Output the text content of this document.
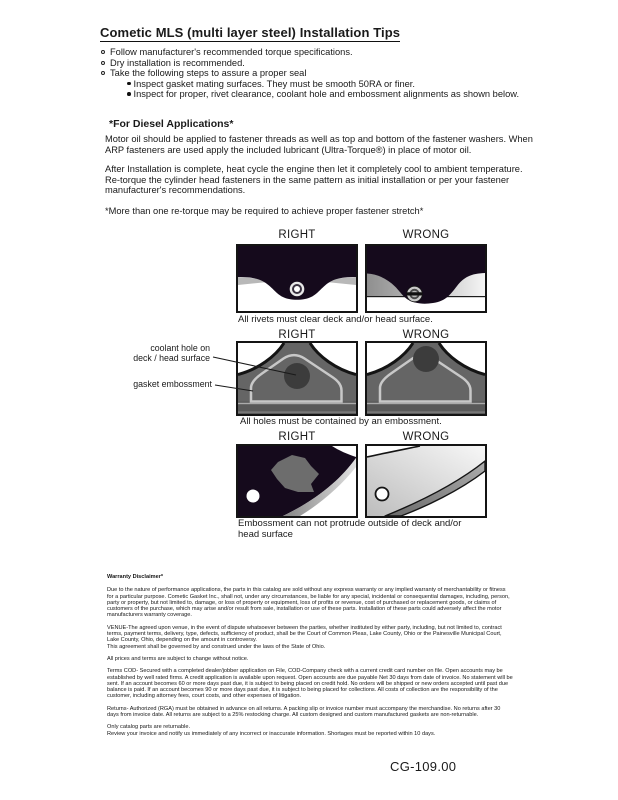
Cometic MLS (multi layer steel) Installation Tips
Follow manufacturer's recommended torque specifications.
Dry installation is recommended.
Take the following steps to assure a proper seal
Inspect gasket mating surfaces. They must be smooth 50RA or finer.
Inspect for proper, rivet clearance, coolant hole and embossment alignments as shown below.
*For Diesel Applications*
Motor oil should be applied to fastener threads as well as top and bottom of the fastener washers. When ARP fasteners are used apply the included lubricant (Ultra-Torque®) in place of motor oil.
After Installation is complete, heat cycle the engine then let it completely cool to ambient temperature. Re-torque the cylinder head fasteners in the same pattern as initial installation or per your fastener manufacturer's recommendations.
*More than one re-torque may be required to achieve proper fastener stretch*
RIGHT	WRONG
All rivets must clear deck and/or head surface.
RIGHT	WRONG
coolant hole on
deck / head surface
gasket embossment
All holes must be contained by an embossment.
RIGHT	WRONG
Embossment can not protrude outside of deck and/or head surface
Warranty Disclaimer*

Due to the nature of performance applications, the parts in this catalog are sold without any express warranty or any implied warranty of merchantability or fitness for a particular purpose. Cometic Gasket Inc., shall not, under any circumstances, be liable for any special, incidental or consequential damages, including, person, party or property, but not limited to, damage, or loss of property or equipment, loss of profits or revenue, cost of purchased or replacement goods, or claims of customers of the purchase, which may arise and/or result from sale, installation or use of these parts. Installation of these parts could adversely affect the motor manufacturers warranty coverage.

VENUE-The agreed upon venue, in the event of dispute whatsoever between the parties, whether instituted by either party, including, but not limited to, contract terms, payment terms, delivery, type, defects, sufficiency of product, shall be the Court of Common Pleas, Lake County, Ohio or the Painesville Municipal Court, Lake County, Ohio, depending on the amount in controversy.
This agreement shall be governed by and construed under the laws of the State of Ohio.

All prices and terms are subject to change without notice.

Terms COD- Secured with a completed dealer/jobber application on File, COD-Company check with a current credit card number on file. Open accounts may be established by well rated firms. A credit application is available upon request. Open accounts are due payable Net 30 days from date of invoice. No statement will be sent. If an account becomes 60 or more days past due, it is subject to being placed on credit hold. No orders will be shipped or new orders accepted until past due balance is paid. If an account becomes 90 or more days past due, it is subject to being placed for collections. All costs of collection are the responsibility of the customer, including attorney fees, court costs, and other expenses of litigation.

Returns- Authorized (RGA) must be obtained in advance on all returns. A packing slip or invoice number must accompany the merchandise. No returns after 30 days from invoice date. All returns are subject to a 25% restocking charge. All custom designed and custom manufactured gaskets are non-returnable.

Only catalog parts are returnable.
Review your invoice and notify us immediately of any incorrect or inaccurate information. Shortages must be reported within 10 days.

CG-109.00
